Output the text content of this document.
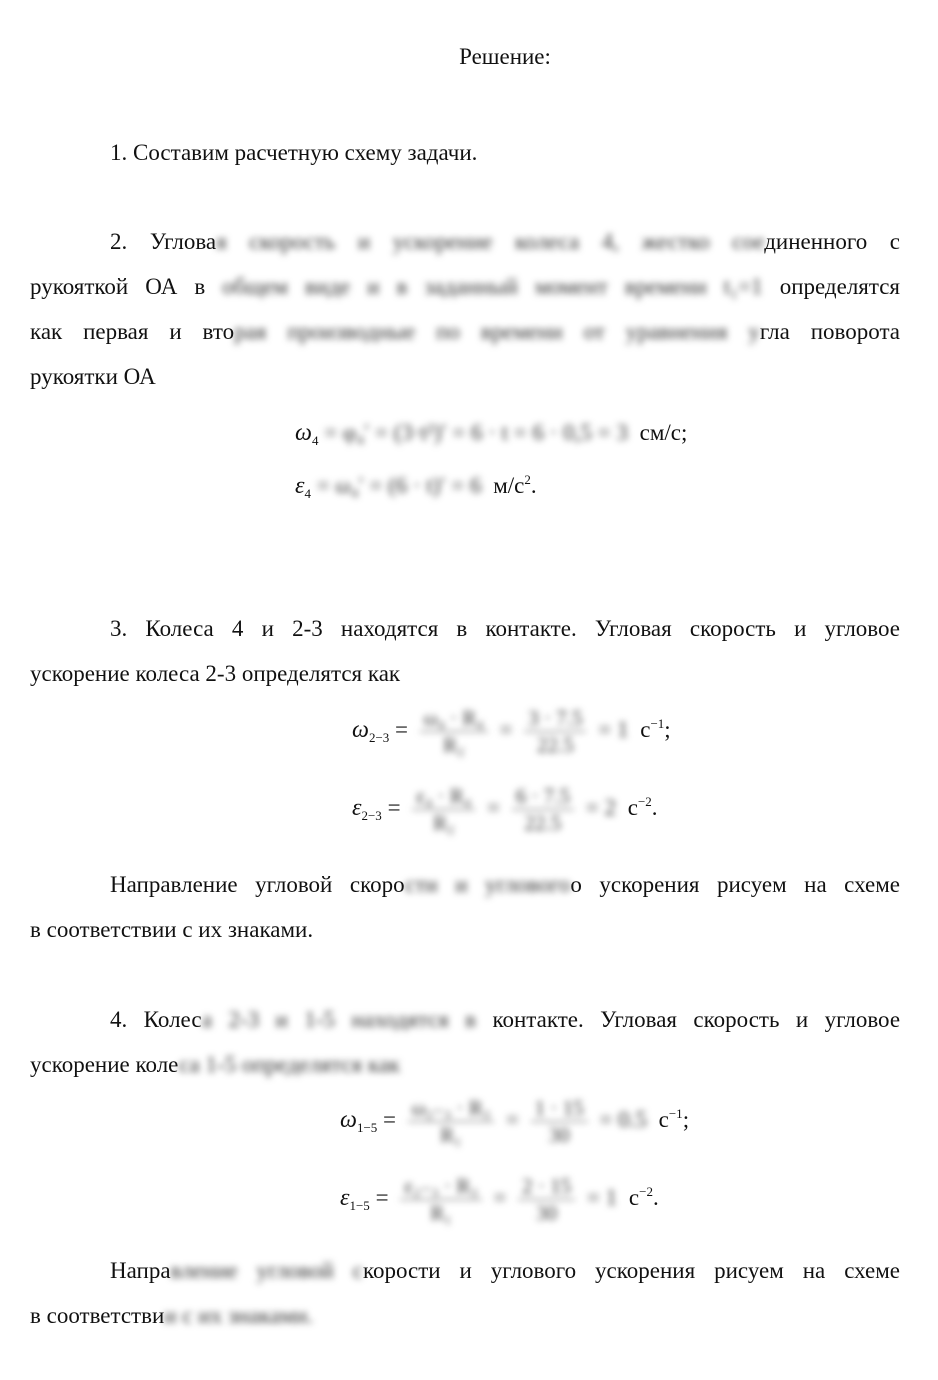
Решение:
1. Составим расчетную схему задачи.
2. Угловая скорость и ускорение колеса 4, жестко соединенного с
рукояткой ОА в общем виде и в заданный момент времени t₁=1 определятся
как первая и вторая производные по времени от уравнения угла поворота
рукоятки ОА
$\omega_4 = \varphi_4' = (3\cdot t^2)' = 6 \cdot t = 6 \cdot 0,5 = 3$ см/с;
$\varepsilon_4 = \omega_4' = (6 \cdot t)' = 6$ $м/с^2$.
3. Колеса 4 и 2-3 находятся в контакте. Угловая скорость и угловое
ускорение колеса 2-3 определятся как
$\omega_{2-3} = \frac{\text{ω₄ · R₄}}{\text{R₂}} = \frac{3 \cdot 7.5}{22.5} = 1$ $c^{-1}$;
$\varepsilon_{2-3} = \frac{\text{ε₄ · R₄}}{\text{R₂}} = \frac{6 \cdot 7.5}{22.5} = 2$ $c^{-2}$.
Направление угловой скорости и угловогоо ускорения рисуем на схеме
в соответствии с их знаками.
4. Колеса 2-3 и 1-5 находятся в контакте. Угловая скорость и угловое
ускорение колеса 1-5 определятся как
$\omega_{1-5} = \frac{\text{ω₂₋₃ · R₃}}{\text{R₁}} = \frac{1 \cdot 15}{30} = 0.5$ $c^{-1}$;
$\varepsilon_{1-5} = \frac{\text{ε₂₋₃ · R₃}}{\text{R₁}} = \frac{2 \cdot 15}{30} = 1$ $c^{-2}$.
Направление угловой скорости и углового ускорения рисуем на схеме
в соответствии с их знаками.
